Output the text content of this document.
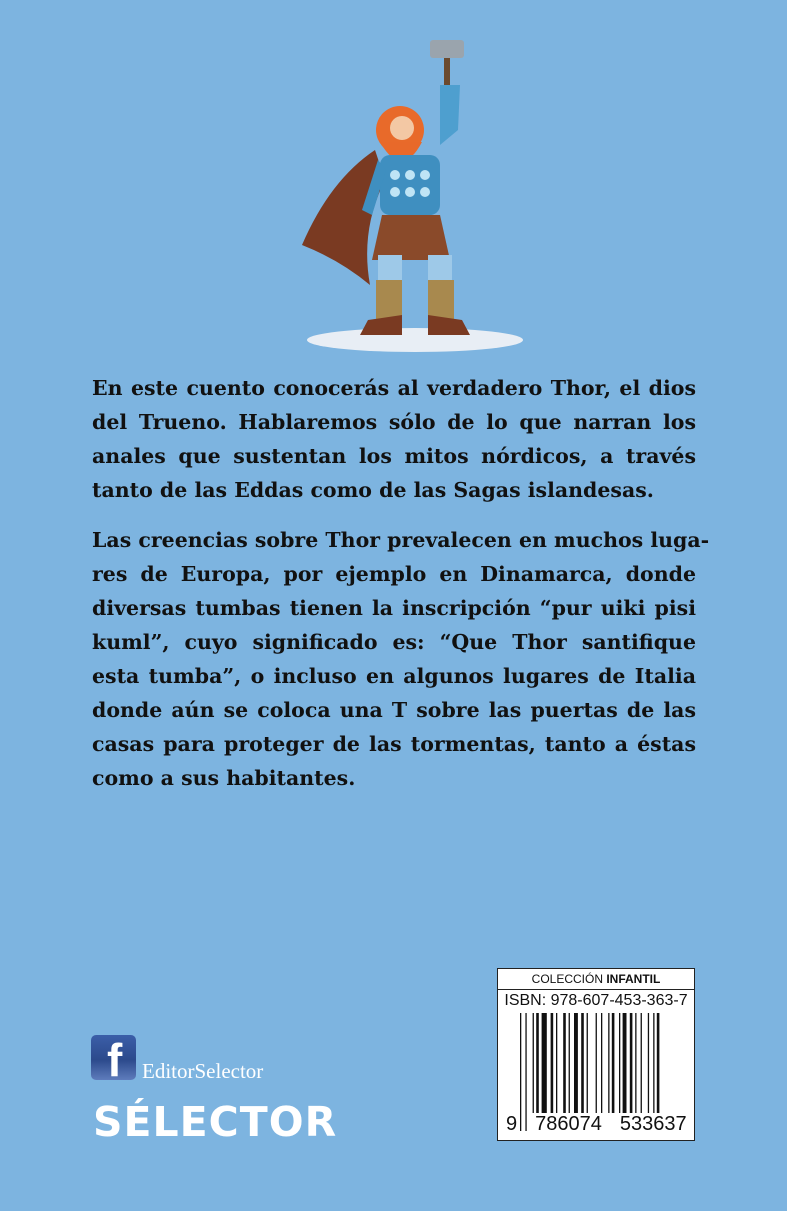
En este cuento conocerás al verdadero Thor, el dios
del Trueno. Hablaremos sólo de lo que narran los
anales que sustentan los mitos nórdicos, a través
tanto de las Eddas como de las Sagas islandesas.
Las creencias sobre Thor prevalecen en muchos luga-
res de Europa, por ejemplo en Dinamarca, donde
diversas tumbas tienen la inscripción “pur uiki pisi
kuml”, cuyo significado es: “Que Thor santifique
esta tumba”, o incluso en algunos lugares de Italia
donde aún se coloca una T sobre las puertas de las
casas para proteger de las tormentas, tanto a éstas
como a sus habitantes.
f EditorSelector
SÉLECTOR
COLECCIÓN INFANTIL
ISBN: 978-607-453-363-7
9 786074 533637
